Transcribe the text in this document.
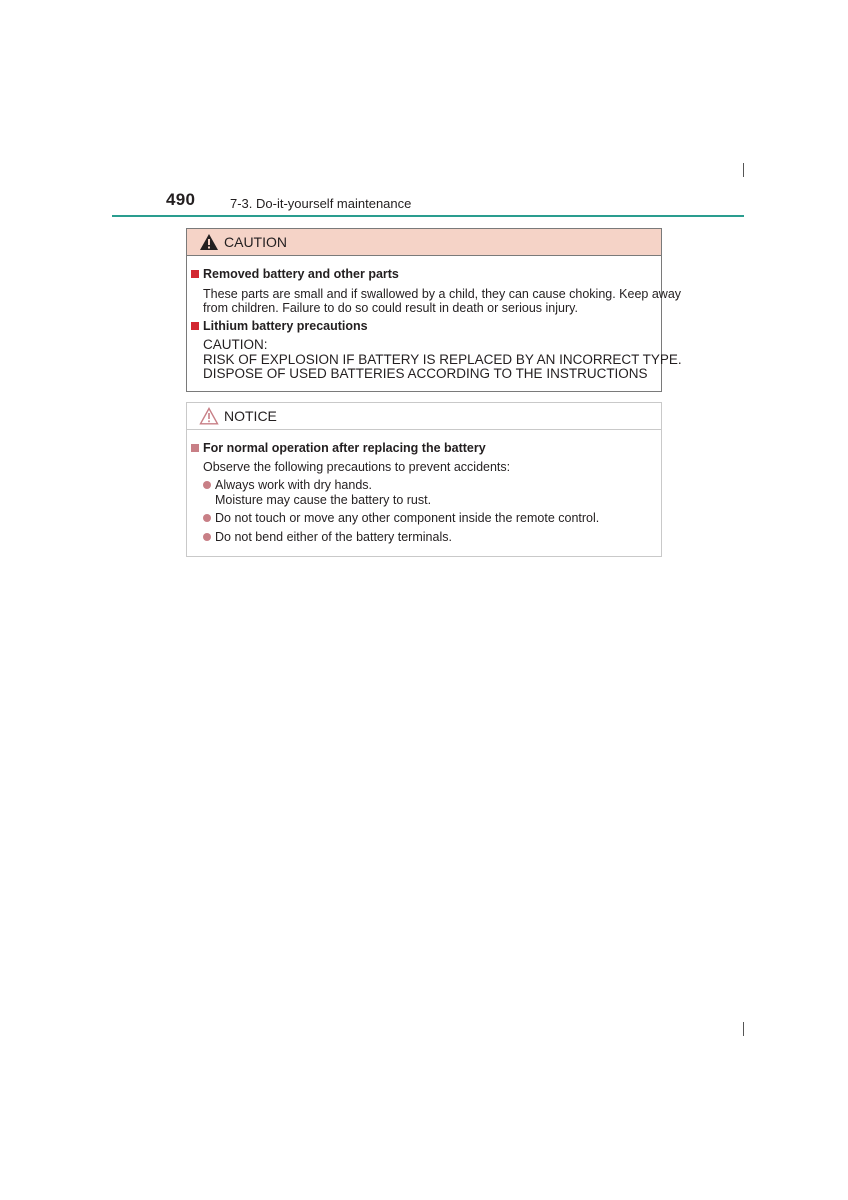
490	7-3. Do-it-yourself maintenance
CAUTION
Removed battery and other parts
These parts are small and if swallowed by a child, they can cause choking. Keep away
from children. Failure to do so could result in death or serious injury.
Lithium battery precautions
CAUTION:
RISK OF EXPLOSION IF BATTERY IS REPLACED BY AN INCORRECT TYPE.
DISPOSE OF USED BATTERIES ACCORDING TO THE INSTRUCTIONS
NOTICE
For normal operation after replacing the battery
Observe the following precautions to prevent accidents:
Always work with dry hands.
Moisture may cause the battery to rust.
Do not touch or move any other component inside the remote control.
Do not bend either of the battery terminals.
